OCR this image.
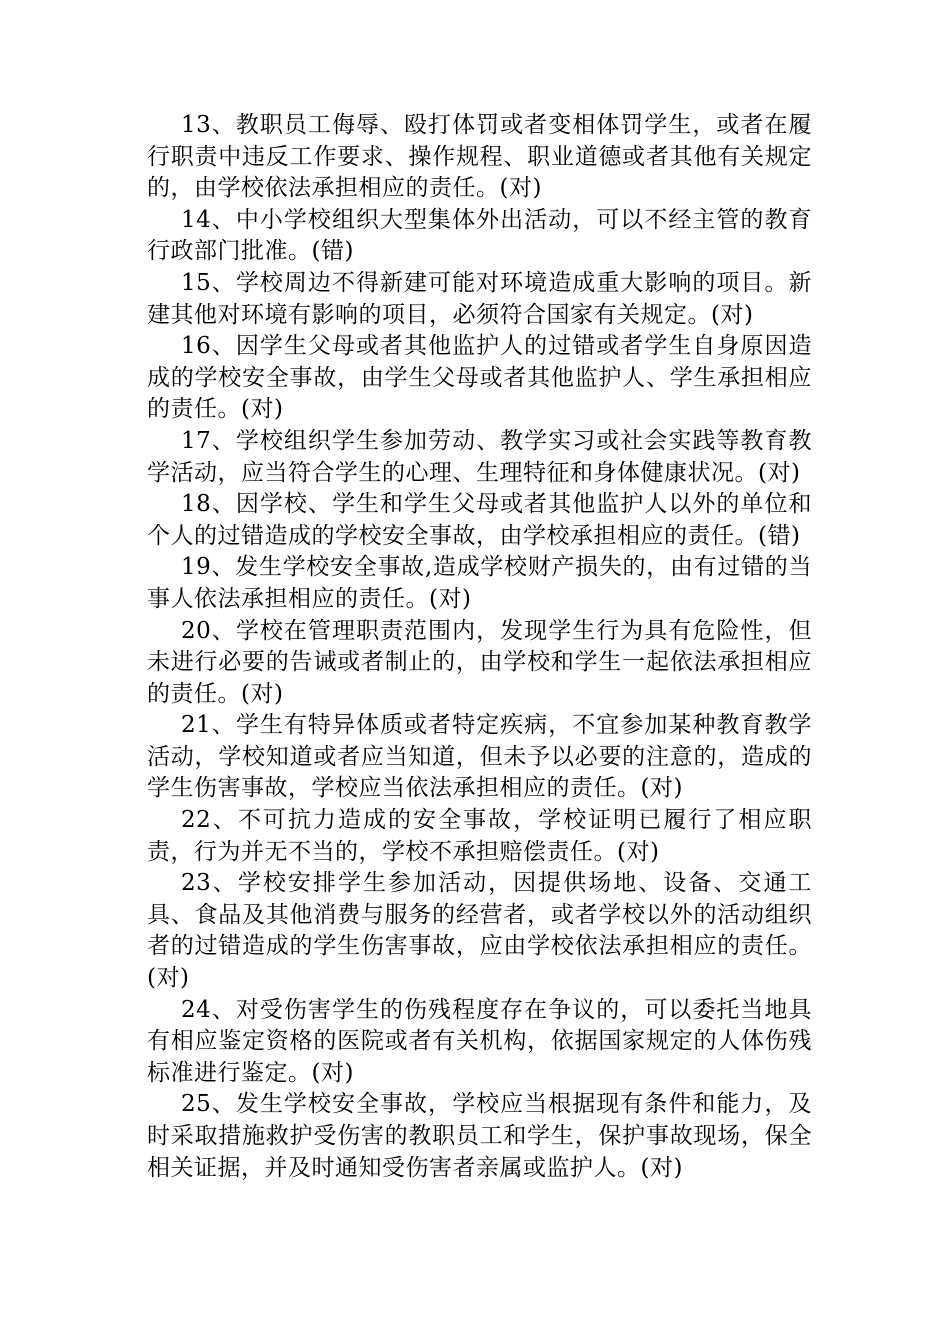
13、教职员工侮辱、殴打体罚或者变相体罚学生，或者在履行职责中违反工作要求、操作规程、职业道德或者其他有关规定的，由学校依法承担相应的责任。(对)

14、中小学校组织大型集体外出活动，可以不经主管的教育行政部门批准。(错)

15、学校周边不得新建可能对环境造成重大影响的项目。新建其他对环境有影响的项目，必须符合国家有关规定。(对)

16、因学生父母或者其他监护人的过错或者学生自身原因造成的学校安全事故，由学生父母或者其他监护人、学生承担相应的责任。(对)

17、学校组织学生参加劳动、教学实习或社会实践等教育教学活动，应当符合学生的心理、生理特征和身体健康状况。(对)

18、因学校、学生和学生父母或者其他监护人以外的单位和个人的过错造成的学校安全事故，由学校承担相应的责任。(错)

19、发生学校安全事故,造成学校财产损失的，由有过错的当事人依法承担相应的责任。(对)

20、学校在管理职责范围内，发现学生行为具有危险性，但未进行必要的告诫或者制止的，由学校和学生一起依法承担相应的责任。(对)

21、学生有特异体质或者特定疾病，不宜参加某种教育教学活动，学校知道或者应当知道，但未予以必要的注意的，造成的学生伤害事故，学校应当依法承担相应的责任。(对)

22、不可抗力造成的安全事故，学校证明已履行了相应职责，行为并无不当的，学校不承担赔偿责任。(对)

23、学校安排学生参加活动，因提供场地、设备、交通工具、食品及其他消费与服务的经营者，或者学校以外的活动组织者的过错造成的学生伤害事故，应由学校依法承担相应的责任。(对)

24、对受伤害学生的伤残程度存在争议的，可以委托当地具有相应鉴定资格的医院或者有关机构，依据国家规定的人体伤残标准进行鉴定。(对)

25、发生学校安全事故，学校应当根据现有条件和能力，及时采取措施救护受伤害的教职员工和学生，保护事故现场，保全相关证据，并及时通知受伤害者亲属或监护人。(对)
